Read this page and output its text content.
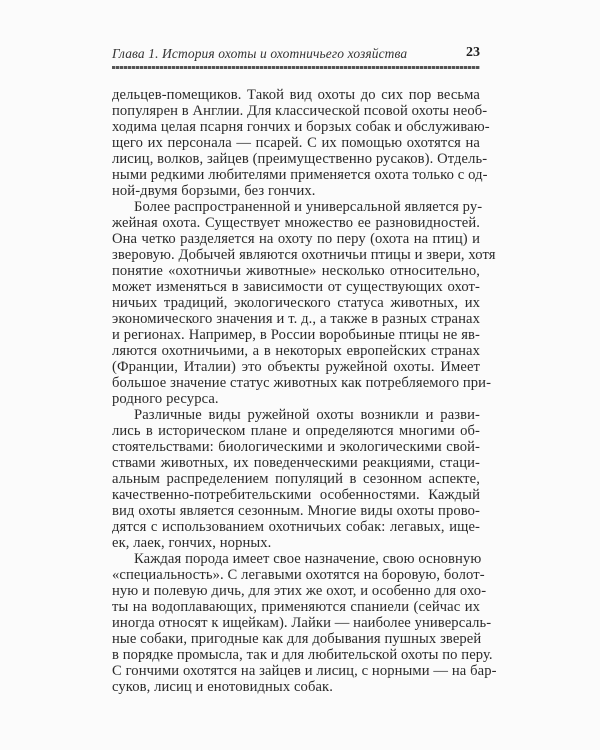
Глава 1. История охоты и охотничьего хозяйства	23
дельцев-помещиков. Такой вид охоты до сих пор весьма
популярен в Англии. Для классической псовой охоты необ-
ходима целая псарня гончих и борзых собак и обслуживаю-
щего их персонала — псарей. С их помощью охотятся на
лисиц, волков, зайцев (преимущественно русаков). Отдель-
ными редкими любителями применяется охота только с од-
ной-двумя борзыми, без гончих.
Более распространенной и универсальной является ру-
жейная охота. Существует множество ее разновидностей.
Она четко разделяется на охоту по перу (охота на птиц) и
зверовую. Добычей являются охотничьи птицы и звери, хотя
понятие «охотничьи животные» несколько относительно,
может изменяться в зависимости от существующих охот-
ничьих традиций, экологического статуса животных, их
экономического значения и т. д., а также в разных странах
и регионах. Например, в России воробьиные птицы не яв-
ляются охотничьими, а в некоторых европейских странах
(Франции, Италии) это объекты ружейной охоты. Имеет
большое значение статус животных как потребляемого при-
родного ресурса.
Различные виды ружейной охоты возникли и разви-
лись в историческом плане и определяются многими об-
стоятельствами: биологическими и экологическими свой-
ствами животных, их поведенческими реакциями, стаци-
альным распределением популяций в сезонном аспекте,
качественно-потребительскими особенностями. Каждый
вид охоты является сезонным. Многие виды охоты прово-
дятся с использованием охотничьих собак: легавых, ище-
ек, лаек, гончих, норных.
Каждая порода имеет свое назначение, свою основную
«специальность». С легавыми охотятся на боровую, болот-
ную и полевую дичь, для этих же охот, и особенно для охо-
ты на водоплавающих, применяются спаниели (сейчас их
иногда относят к ищейкам). Лайки — наиболее универсаль-
ные собаки, пригодные как для добывания пушных зверей
в порядке промысла, так и для любительской охоты по перу.
С гончими охотятся на зайцев и лисиц, с норными — на бар-
суков, лисиц и енотовидных собак.
